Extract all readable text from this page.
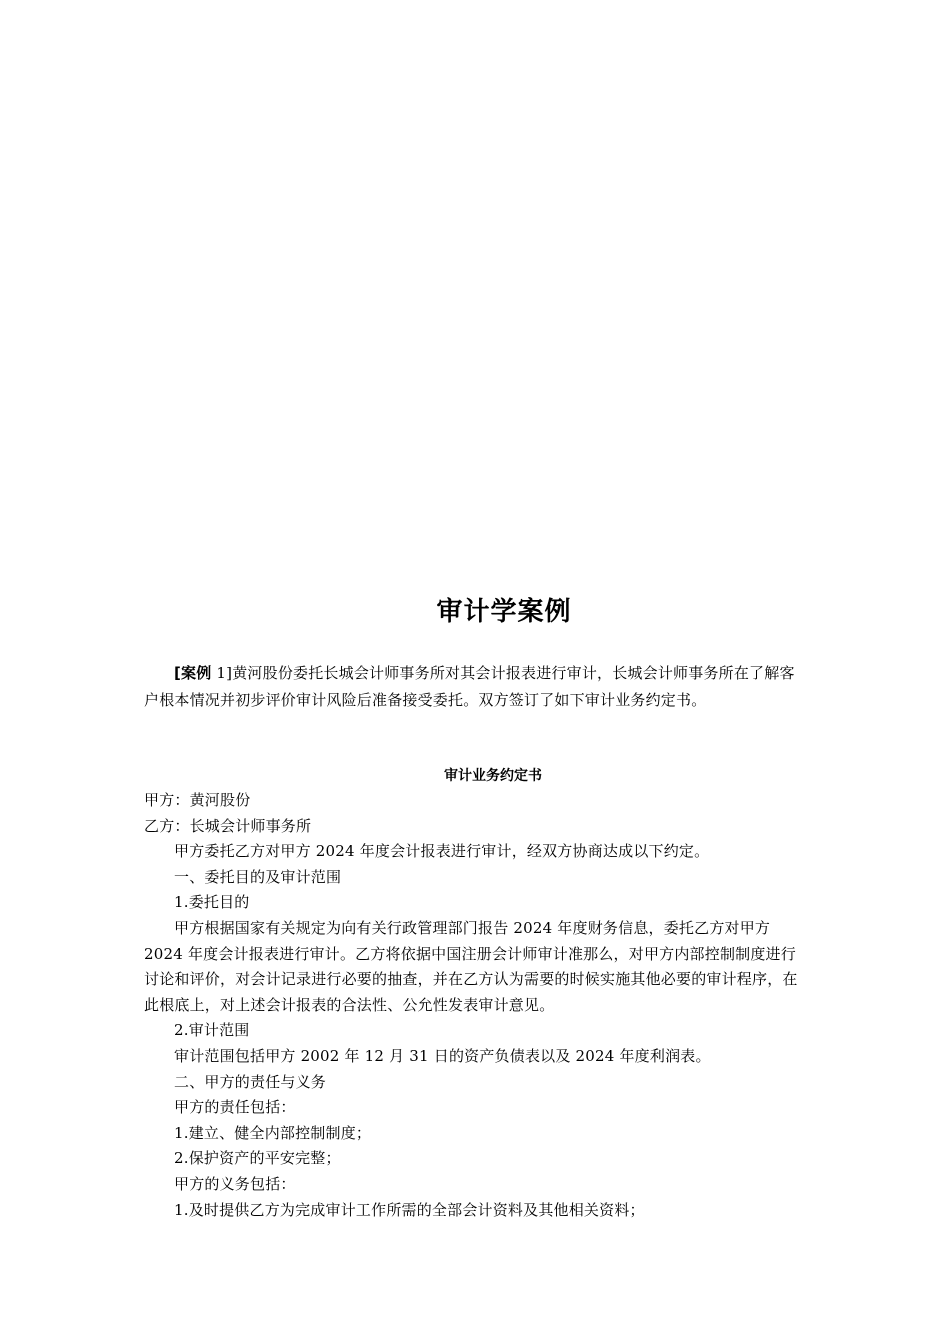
审计学案例
[案例 1]黄河股份委托长城会计师事务所对其会计报表进行审计，长城会计师事务所在了解客户根本情况并初步评价审计风险后准备接受委托。双方签订了如下审计业务约定书。
审计业务约定书
甲方：黄河股份
乙方：长城会计师事务所
甲方委托乙方对甲方 2024 年度会计报表进行审计，经双方协商达成以下约定。
一、委托目的及审计范围
1.委托目的
甲方根据国家有关规定为向有关行政管理部门报告 2024 年度财务信息，委托乙方对甲方 2024 年度会计报表进行审计。乙方将依据中国注册会计师审计准那么，对甲方内部控制制度进行讨论和评价，对会计记录进行必要的抽查，并在乙方认为需要的时候实施其他必要的审计程序，在此根底上，对上述会计报表的合法性、公允性发表审计意见。
2.审计范围
审计范围包括甲方 2002 年 12 月 31 日的资产负债表以及 2024 年度利润表。
二、甲方的责任与义务
甲方的责任包括：
1.建立、健全内部控制制度；
2.保护资产的平安完整；
甲方的义务包括：
1.及时提供乙方为完成审计工作所需的全部会计资料及其他相关资料；
